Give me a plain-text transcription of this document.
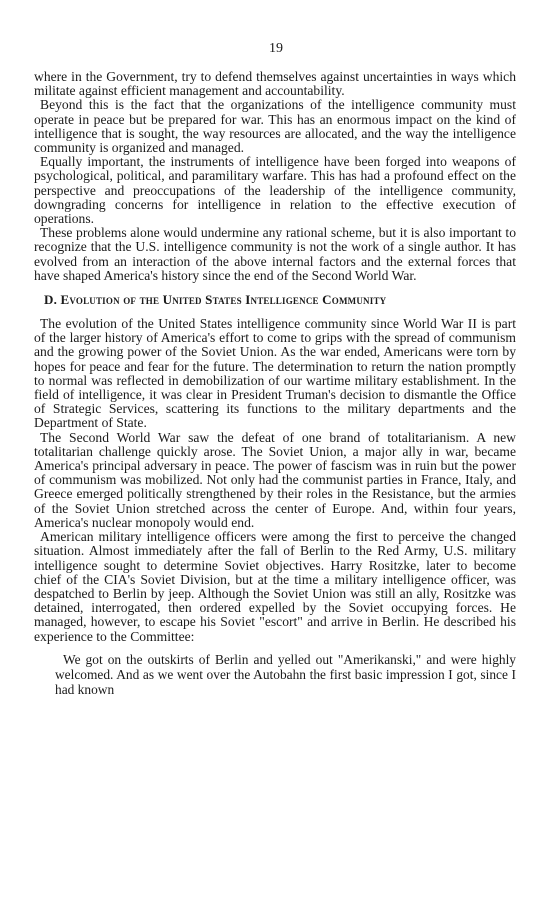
19

where in the Government, try to defend themselves against uncertainties in ways which militate against efficient management and accountability.

Beyond this is the fact that the organizations of the intelligence community must operate in peace but be prepared for war. This has an enormous impact on the kind of intelligence that is sought, the way resources are allocated, and the way the intelligence community is organized and managed.

Equally important, the instruments of intelligence have been forged into weapons of psychological, political, and paramilitary warfare. This has had a profound effect on the perspective and preoccupations of the leadership of the intelligence community, downgrading concerns for intelligence in relation to the effective execution of operations.

These problems alone would undermine any rational scheme, but it is also important to recognize that the U.S. intelligence community is not the work of a single author. It has evolved from an interaction of the above internal factors and the external forces that have shaped America's history since the end of the Second World War.

D. Evolution of the United States Intelligence Community

The evolution of the United States intelligence community since World War II is part of the larger history of America's effort to come to grips with the spread of communism and the growing power of the Soviet Union. As the war ended, Americans were torn by hopes for peace and fear for the future. The determination to return the nation promptly to normal was reflected in demobilization of our wartime military establishment. In the field of intelligence, it was clear in President Truman's decision to dismantle the Office of Strategic Services, scattering its functions to the military departments and the Department of State.

The Second World War saw the defeat of one brand of totalitarianism. A new totalitarian challenge quickly arose. The Soviet Union, a major ally in war, became America's principal adversary in peace. The power of fascism was in ruin but the power of communism was mobilized. Not only had the communist parties in France, Italy, and Greece emerged politically strengthened by their roles in the Resistance, but the armies of the Soviet Union stretched across the center of Europe. And, within four years, America's nuclear monopoly would end.

American military intelligence officers were among the first to perceive the changed situation. Almost immediately after the fall of Berlin to the Red Army, U.S. military intelligence sought to determine Soviet objectives. Harry Rositzke, later to become chief of the CIA's Soviet Division, but at the time a military intelligence officer, was despatched to Berlin by jeep. Although the Soviet Union was still an ally, Rositzke was detained, interrogated, then ordered expelled by the Soviet occupying forces. He managed, however, to escape his Soviet "escort" and arrive in Berlin. He described his experience to the Committee:

We got on the outskirts of Berlin and yelled out "Amerikanski," and were highly welcomed. And as we went over the Autobahn the first basic impression I got, since I had known
